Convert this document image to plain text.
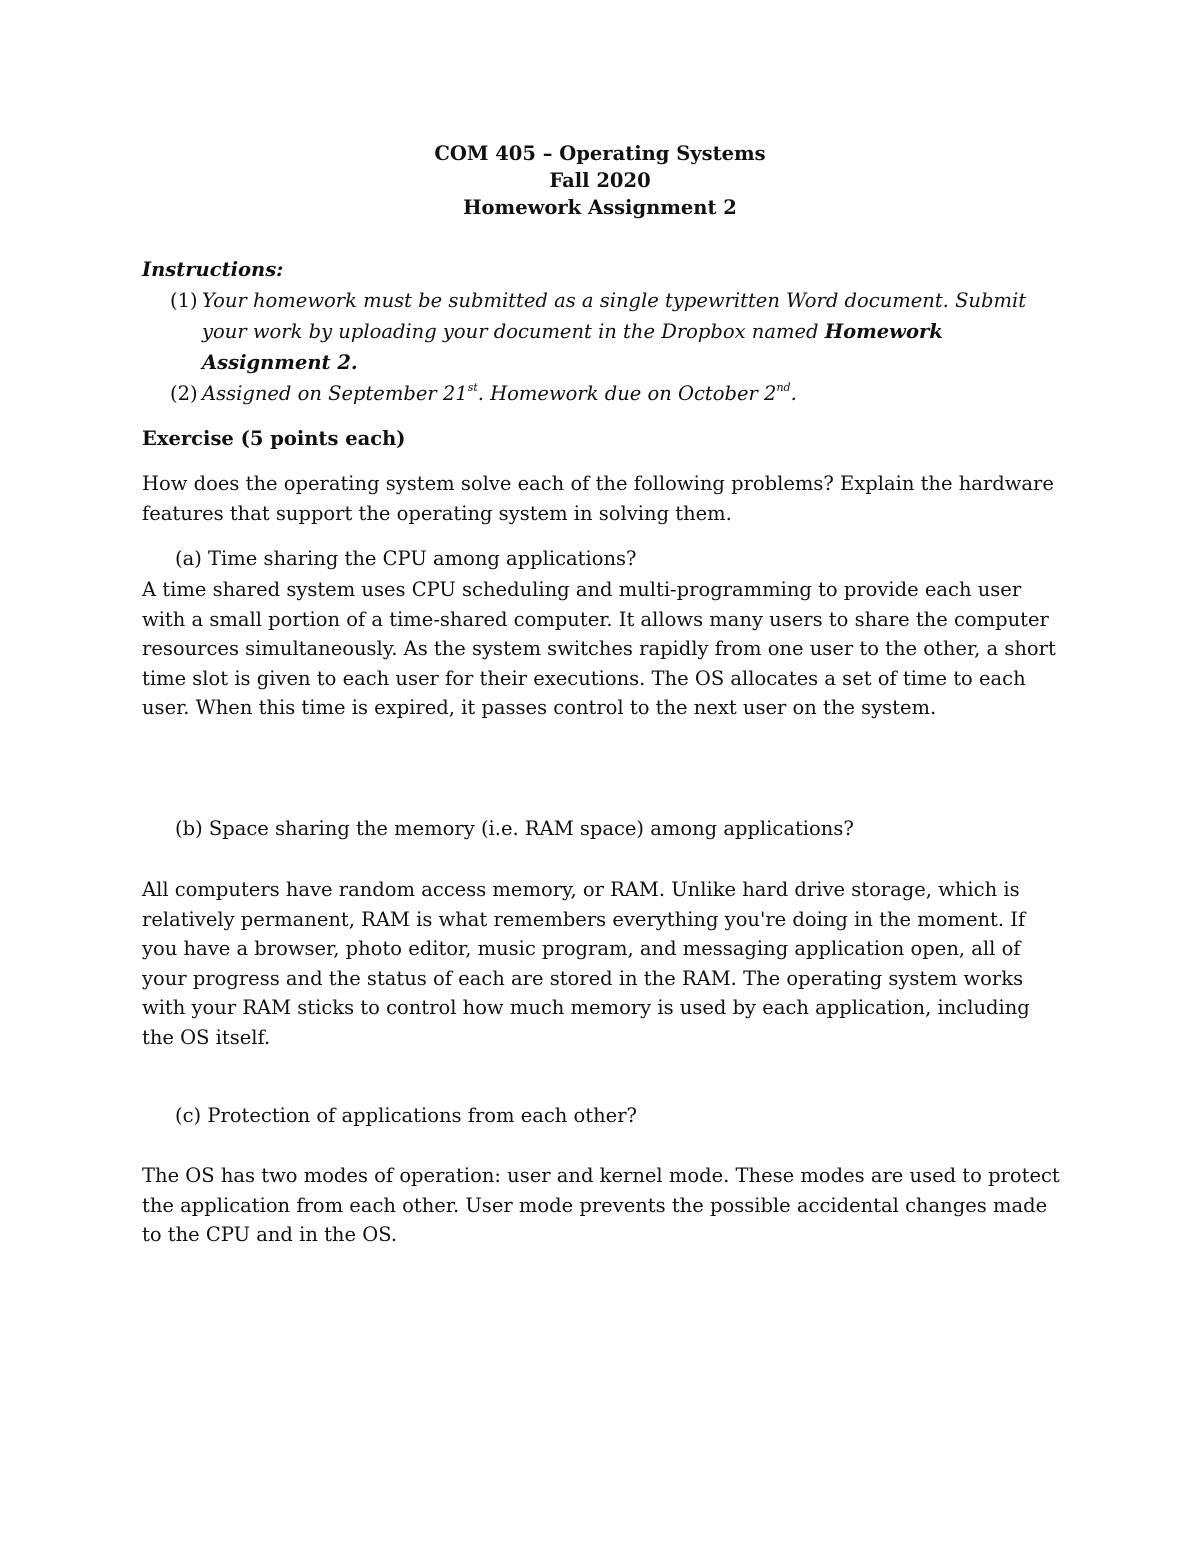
COM 405 – Operating Systems
Fall 2020
Homework Assignment 2
Instructions:
(1) Your homework must be submitted as a single typewritten Word document. Submit your work by uploading your document in the Dropbox named Homework Assignment 2.
(2) Assigned on September 21st. Homework due on October 2nd.
Exercise (5 points each)
How does the operating system solve each of the following problems? Explain the hardware features that support the operating system in solving them.
(a) Time sharing the CPU among applications?
A time shared system uses CPU scheduling and multi-programming to provide each user with a small portion of a time-shared computer. It allows many users to share the computer resources simultaneously. As the system switches rapidly from one user to the other, a short time slot is given to each user for their executions. The OS allocates a set of time to each user. When this time is expired, it passes control to the next user on the system.
(b) Space sharing the memory (i.e. RAM space) among applications?
All computers have random access memory, or RAM. Unlike hard drive storage, which is relatively permanent, RAM is what remembers everything you're doing in the moment. If you have a browser, photo editor, music program, and messaging application open, all of your progress and the status of each are stored in the RAM. The operating system works with your RAM sticks to control how much memory is used by each application, including the OS itself.
(c) Protection of applications from each other?
The OS has two modes of operation: user and kernel mode. These modes are used to protect the application from each other. User mode prevents the possible accidental changes made to the CPU and in the OS.
